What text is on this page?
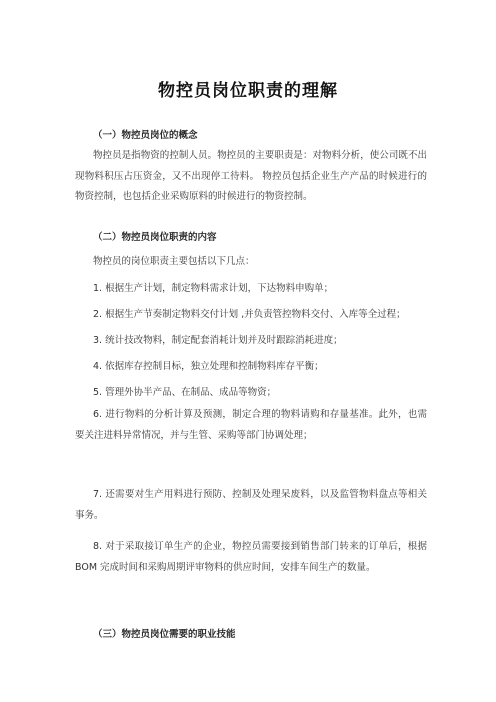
物控员岗位职责的理解
（一）物控员岗位的概念
物控员是指物资的控制人员。物控员的主要职责是：对物料分析，使公司既不出现物料积压占压资金，又不出现停工待料。 物控员包括企业生产产品的时候进行的物资控制，也包括企业采购原料的时候进行的物资控制。
（二）物控员岗位职责的内容
物控员的岗位职责主要包括以下几点：
1. 根据生产计划，制定物料需求计划，下达物料申购单；
2. 根据生产节奏制定物料交付计划 ,并负责管控物料交付、入库等全过程；
3. 统计技改物料，制定配套消耗计划并及时跟踪消耗进度；
4. 依据库存控制目标，独立处理和控制物料库存平衡；
5. 管理外协半产品、在制品、成品等物资；
6. 进行物料的分析计算及预测，制定合理的物料请购和存量基准。此外，也需要关注进料异常情况，并与生管、采购等部门协调处理；
7. 还需要对生产用料进行预防、控制及处理呆废料，以及监管物料盘点等相关事务。
8. 对于采取接订单生产的企业，物控员需要接到销售部门转来的订单后，根据 BOM 完成时间和采购周期评审物料的供应时间，安排车间生产的数量。
（三）物控员岗位需要的职业技能
